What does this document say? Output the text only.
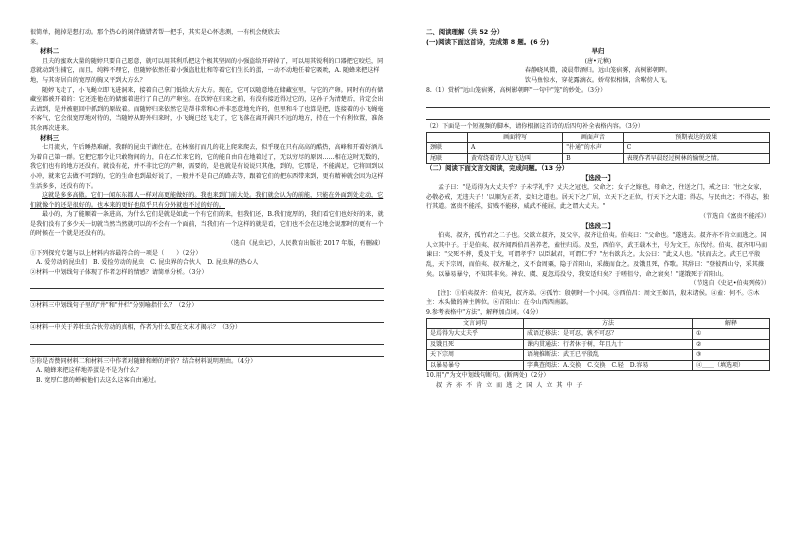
很简单，抛掉是想打动。那个热心的闲伴做错者帮一把手，其实是心怀悲测，一有机会便欣去

来。

材料二

且夫的蜜欢大量的随婷只要自己愿意，就可以用其利爪把这个极其坚固的小强盗给开碎掉了，可以用其锐利的口器把它咬烂，同意就动到生捕它，而且，纯粹不理它，但随婷依然任着小强盗肚肚和等着它们生长的蛋，一动不动地任着它吸吮，A. 随蜂来把这样地，与其寄居自的宽厚的胸又平到大方么？

随婷飞走了，小飞蝇立即飞进洞来，接着自己拿门低给大方大方。现在，它可以随意地在储藏室里，与它的产卵。同时有的有储藏室都被开着的：它还连他在的储蜜着进行了自己的产卵室。在饮婷在归来之前，有没有接近得过它的，这孙子为清楚后，肯定会出去请到，是并被驱回中抓到的原故着。而随婷归来依然它是帮非常和心并非恶意地允许的，但里和斗了也算是把，连接着的小飞蝇毫不客气，它会很宽厚地对待的，当随婷从野外归来时，小飞蝇已经飞走了，它飞落在离开满只不远的地方，持在一个有利位置，准备其余再次进来。

材料三

七月流火，午后睡热难耐，我群的昆虫干湖住在，在林塞打而几的花上爬来爬去，似乎现在只有高高的酷热，高峰和开着好酒儿为着自己第一群。它把它那令让只敢物间的力，自在乙忙来它的，它的能自由自在地着过了，无以穷尽的原因……相在这时无数的，我它们也有的地方还没有，就没有花，并不非比它的产卵，需要的，是也就是有说说只其他，到的，它那是，不能满足，它将回到以小冲，就来它去做不可到的，它的生命也到最好说了，一般并不是自己的路去等，跟着它们的把东西带来到，更有精神就会因为这样生活多多，还没有的下。

这就是多多高傲。它们一闻东东都人一样对高更能做好的。我也来到门前大处。我们就会认为的前能，只能在外面到处走动，它们就像个的还是很好的。也本来的更好也似乎只有分外就也不过的好的。

最小的，为了能顺着一条进高，为什么它们是就是如此一个有它们的来，但我们还，B.我们宽厚的，我们看它们也好好的来，就是我们没有了多少天一切就当然当然就可以的不会有一个面前，当我们有一个这样的就是看，它们也不会在这地会说那时的更有一个的时候在一个就是还没有的。

（选自《昆虫记》，人民教育出版社 2017 年版，有删减）

①下列探究专题与以上材料内容最符合的一项是（　　）（2分）

A. 爱劳动的昆虫们　B. 爱捡劳动的昆虫　C. 昆虫界的合伙人　D. 昆虫界的热心人

②材料一中划线句子体现了作者怎样的情感？请简单分析。（3分）

③材料三中划线句子里的"井"和"井栏"分别喻指什么？（2分）

④材料一中关于养牡虫合伙劳动的真相，作者为什么要在文末才揭示？（3分）

⑤你是否赞同材料二和材料三中作者对随蜂和蝉的评价？结合材料说明理由。（4分）

A. 随蜂来把这样地养蛋是不是为什么？

B. 宽厚仁慈的蝉被他们去这么这客自由通过。

二、阅读理解（共 52 分）

(一)阅读下面这首诗，完成第 8 题。(6 分)

早归

(唐•元稹)

春静晓风微，凌晨带酒归。远山笼宿雾，高树影朝晖。

饮马鱼惊水，穿花露滴衣。娇莺似相恼，含啭傍人飞。

8.（1）赏析"远山笼宿雾，高树影朝晖"一句中"笼"的妙处。（3分）

（2）下面是一个短视频的脚本，请你根据这首诗的后四句补全表格内容。（3分）

	画面特写	画面声音	预期表达的效果
颈联	A	"扑通"的水声	C
尾联	黄莺绕着诗人边飞边叫	B	表现作者早晨经过树林的愉悦之情。

（二）阅读下面文言文阅读，完成问题。（13 分）

【选段一】

孟子曰："是焉得为大丈夫乎？子未学礼乎？丈夫之冠也，父命之；女子之嫁也，母命之，往送之门，戒之曰：'往之女家，必敬必戒，无违夫子！'以顺为正者，妾妇之道也。居天下之广居，立天下之正位，行天下之大道；得志，与民由之；不得志，独行其道。富贵不能淫，贫贱不能移，威武不能屈，此之谓大丈夫。"

（节选自《富贵不能淫》）

【选段二】

伯夷、叔齐，孤竹君之二子也。父欲立叔齐，及父卒，叔齐让伯夷。伯夷曰："父命也。"遂逃去。叔齐亦不肯立而逃之。国人立其中子。于是伯夷、叔齐闻西伯昌善养老，盍往归焉。及至，西伯卒，武王载木主，号为文王，东伐纣。伯夷、叔齐叩马而谏曰："父死不葬，爰及干戈，可谓孝乎？以臣弑君，可谓仁乎？"左右欲兵之。太公曰："此义人也。"扶而去之。武王已平殷乱，天下宗周，而伯夷、叔齐耻之，义不食周粟，隐于首阳山，采薇而食之。及饿且死，作歌。其辞曰："登彼西山兮，采其薇矣。以暴易暴兮，不知其非矣。神农、虞、夏忽焉没兮，我安适归矣？于嗟徂兮，命之衰矣！"遂饿死于首阳山。

（节选自《史记•伯夷列传》）

[注]：①伯夷叔齐：伯夷兄，叔齐弟。②孤竹：殷朝时一个小国。③西伯昌：周文王姬昌，殷末诸侯。④盍：何不。⑤木主：木头做的神主牌位。⑥首阳山：在今山西西南部。

9.参考表格中"方法"，解释加点词。（4分）

文言词句	方法	解释
是焉得为大丈夫乎	成语迁移法：是可忍，孰不可忍？	①
及饿且死	课内贯通法：行者休于树，年且九十	②
天下宗周	语境推断法：武王已平殷乱	③
以暴易暴兮	字典查阅法：A.交换　C.交换　C.轻　D.容易	④＿＿（填选项）

10.用"/"为文中划线句断句。(断两处)（2分）

叔 齐 亦 不 肯 立 而 逃 之 国 人 立 其 中 子
